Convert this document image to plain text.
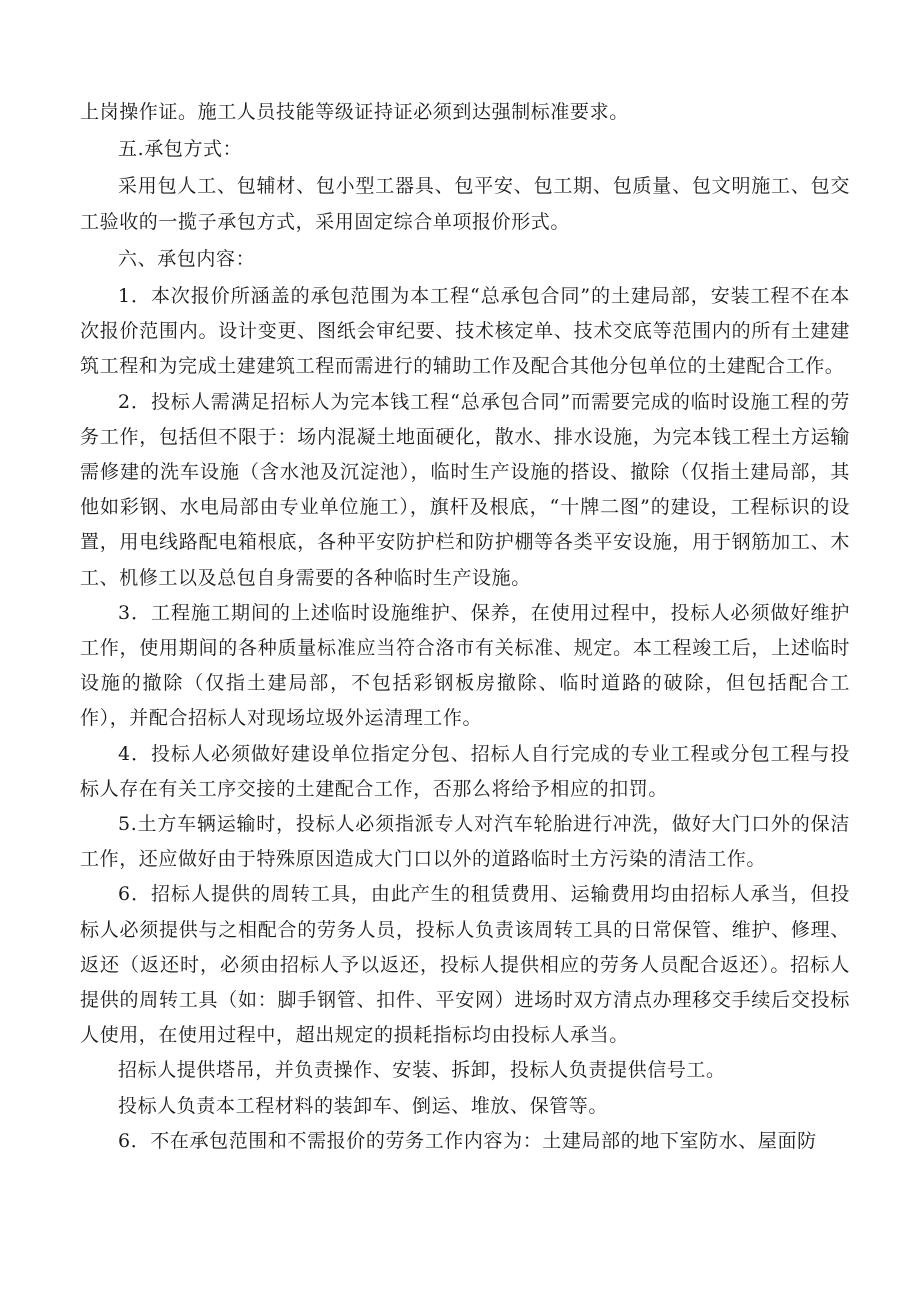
上岗操作证。施工人员技能等级证持证必须到达强制标准要求。

五.承包方式：

采用包人工、包辅材、包小型工器具、包平安、包工期、包质量、包文明施工、包交工验收的一揽子承包方式，采用固定综合单项报价形式。

六、承包内容：

1．本次报价所涵盖的承包范围为本工程“总承包合同”的土建局部，安装工程不在本次报价范围内。设计变更、图纸会审纪要、技术核定单、技术交底等范围内的所有土建建筑工程和为完成土建建筑工程而需进行的辅助工作及配合其他分包单位的土建配合工作。

2．投标人需满足招标人为完本钱工程“总承包合同”而需要完成的临时设施工程的劳务工作，包括但不限于：场内混凝土地面硬化，散水、排水设施，为完本钱工程土方运输需修建的洗车设施（含水池及沉淀池），临时生产设施的搭设、撤除（仅指土建局部，其他如彩钢、水电局部由专业单位施工），旗杆及根底，“十牌二图”的建设，工程标识的设置，用电线路配电箱根底，各种平安防护栏和防护棚等各类平安设施，用于钢筋加工、木工、机修工以及总包自身需要的各种临时生产设施。

3．工程施工期间的上述临时设施维护、保养，在使用过程中，投标人必须做好维护工作，使用期间的各种质量标准应当符合洛市有关标准、规定。本工程竣工后，上述临时设施的撤除（仅指土建局部，不包括彩钢板房撤除、临时道路的破除，但包括配合工作），并配合招标人对现场垃圾外运清理工作。

4．投标人必须做好建设单位指定分包、招标人自行完成的专业工程或分包工程与投标人存在有关工序交接的土建配合工作，否那么将给予相应的扣罚。

5.土方车辆运输时，投标人必须指派专人对汽车轮胎进行冲洗，做好大门口外的保洁工作，还应做好由于特殊原因造成大门口以外的道路临时土方污染的清洁工作。

6．招标人提供的周转工具，由此产生的租赁费用、运输费用均由招标人承当，但投标人必须提供与之相配合的劳务人员，投标人负责该周转工具的日常保管、维护、修理、返还（返还时，必须由招标人予以返还，投标人提供相应的劳务人员配合返还）。招标人提供的周转工具（如：脚手钢管、扣件、平安网）进场时双方清点办理移交手续后交投标人使用，在使用过程中，超出规定的损耗指标均由投标人承当。

招标人提供塔吊，并负责操作、安装、拆卸，投标人负责提供信号工。

投标人负责本工程材料的装卸车、倒运、堆放、保管等。

6．不在承包范围和不需报价的劳务工作内容为：土建局部的地下室防水、屋面防
